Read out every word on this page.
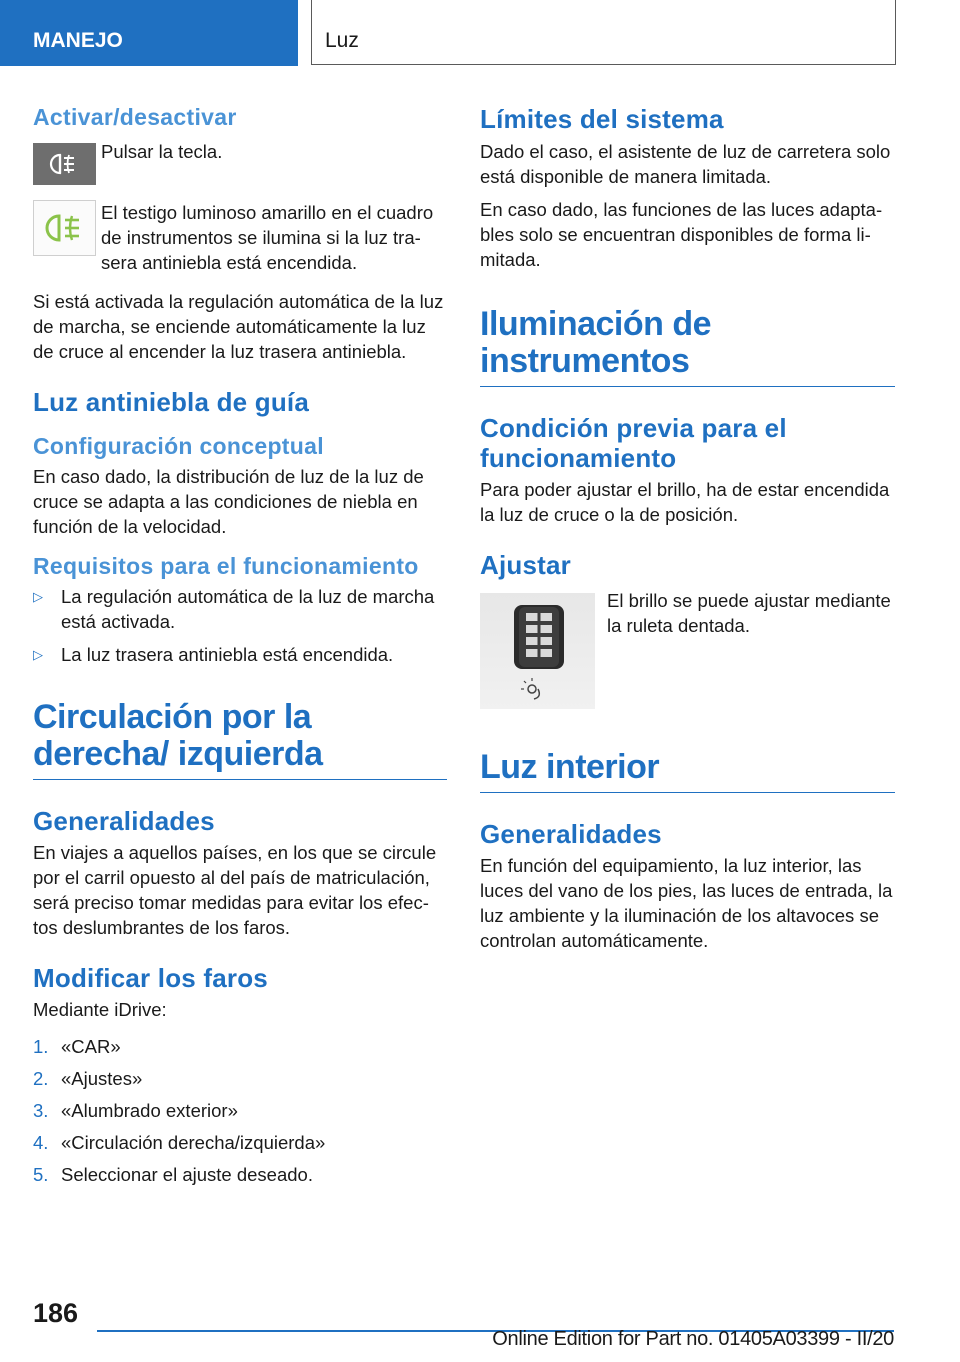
MANEJO	Luz
Activar/desactivar

Pulsar la tecla.

El testigo luminoso amarillo en el cuadro de instrumentos se ilumina si la luz trasera antiniebla está encendida.

Si está activada la regulación automática de la luz de marcha, se enciende automáticamente la luz de cruce al encender la luz trasera antiniebla.

Luz antiniebla de guía
Configuración conceptual

En caso dado, la distribución de luz de la luz de cruce se adapta a las condiciones de niebla en función de la velocidad.

Requisitos para el funcionamiento
▷ La regulación automática de la luz de marcha está activada.
▷ La luz trasera antiniebla está encendida.
Circulación por la derecha/ izquierda
Generalidades

En viajes a aquellos países, en los que se circule por el carril opuesto al del país de matriculación, será preciso tomar medidas para evitar los efectos deslumbrantes de los faros.

Modificar los faros

Mediante iDrive:

1. «CAR»
2. «Ajustes»
3. «Alumbrado exterior»
4. «Circulación derecha/izquierda»
5. Seleccionar el ajuste deseado.
Límites del sistema

Dado el caso, el asistente de luz de carretera solo está disponible de manera limitada.

En caso dado, las funciones de las luces adaptables solo se encuentran disponibles de forma limitada.

Iluminación de instrumentos
Condición previa para el funcionamiento

Para poder ajustar el brillo, ha de estar encendida la luz de cruce o la de posición.

Ajustar

El brillo se puede ajustar mediante la ruleta dentada.

Luz interior
Generalidades

En función del equipamiento, la luz interior, las luces del vano de los pies, las luces de entrada, la luz ambiente y la iluminación de los altavoces se controlan automáticamente.

186
Online Edition for Part no. 01405A03399 - II/20
